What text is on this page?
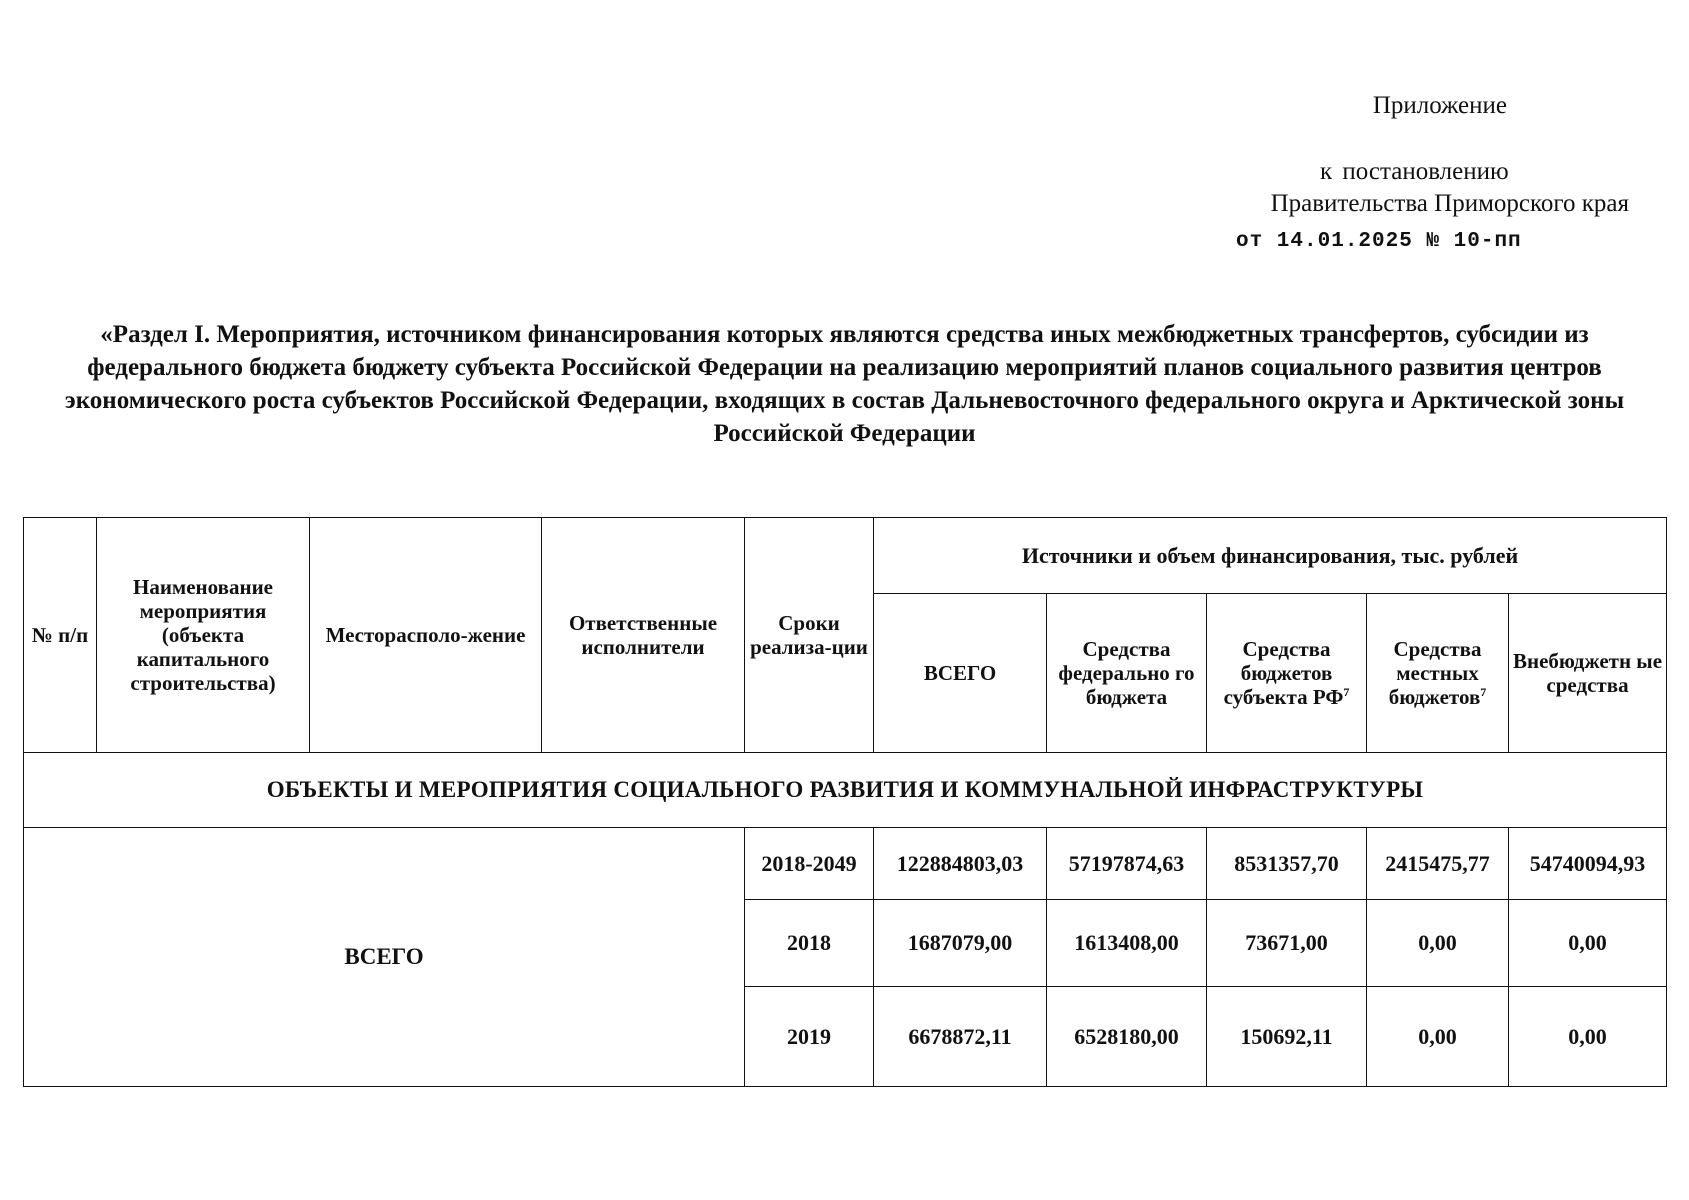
Приложение
к постановлению
Правительства Приморского края
от 14.01.2025 № 10-пп
«Раздел I. Мероприятия, источником финансирования которых являются средства иных межбюджетных трансфертов, субсидии из федерального бюджета бюджету субъекта Российской Федерации на реализацию мероприятий планов социального развития центров экономического роста субъектов Российской Федерации, входящих в состав Дальневосточного федерального округа и Арктической зоны Российской Федерации
№ п/п	Наименование мероприятия (объекта капитального строительства)	Месторасполо-жение	Ответственные исполнители	Сроки реализа-ции	Источники и объем финансирования, тыс. рублей				
					ВСЕГО	Средства федерально го бюджета	Средства бюджетов субъекта $РФ^7$	Средства местных бюджетов$^7$	Внебюджетн ые средства
ОБЪЕКТЫ И МЕРОПРИЯТИЯ СОЦИАЛЬНОГО РАЗВИТИЯ И КОММУНАЛЬНОЙ ИНФРАСТРУКТУРЫ									
ВСЕГО				2018-2049	122884803,03	57197874,63	8531357,70	2415475,77	54740094,93
				2018	1687079,00	1613408,00	73671,00	0,00	0,00
				2019	6678872,11	6528180,00	150692,11	0,00	0,00
